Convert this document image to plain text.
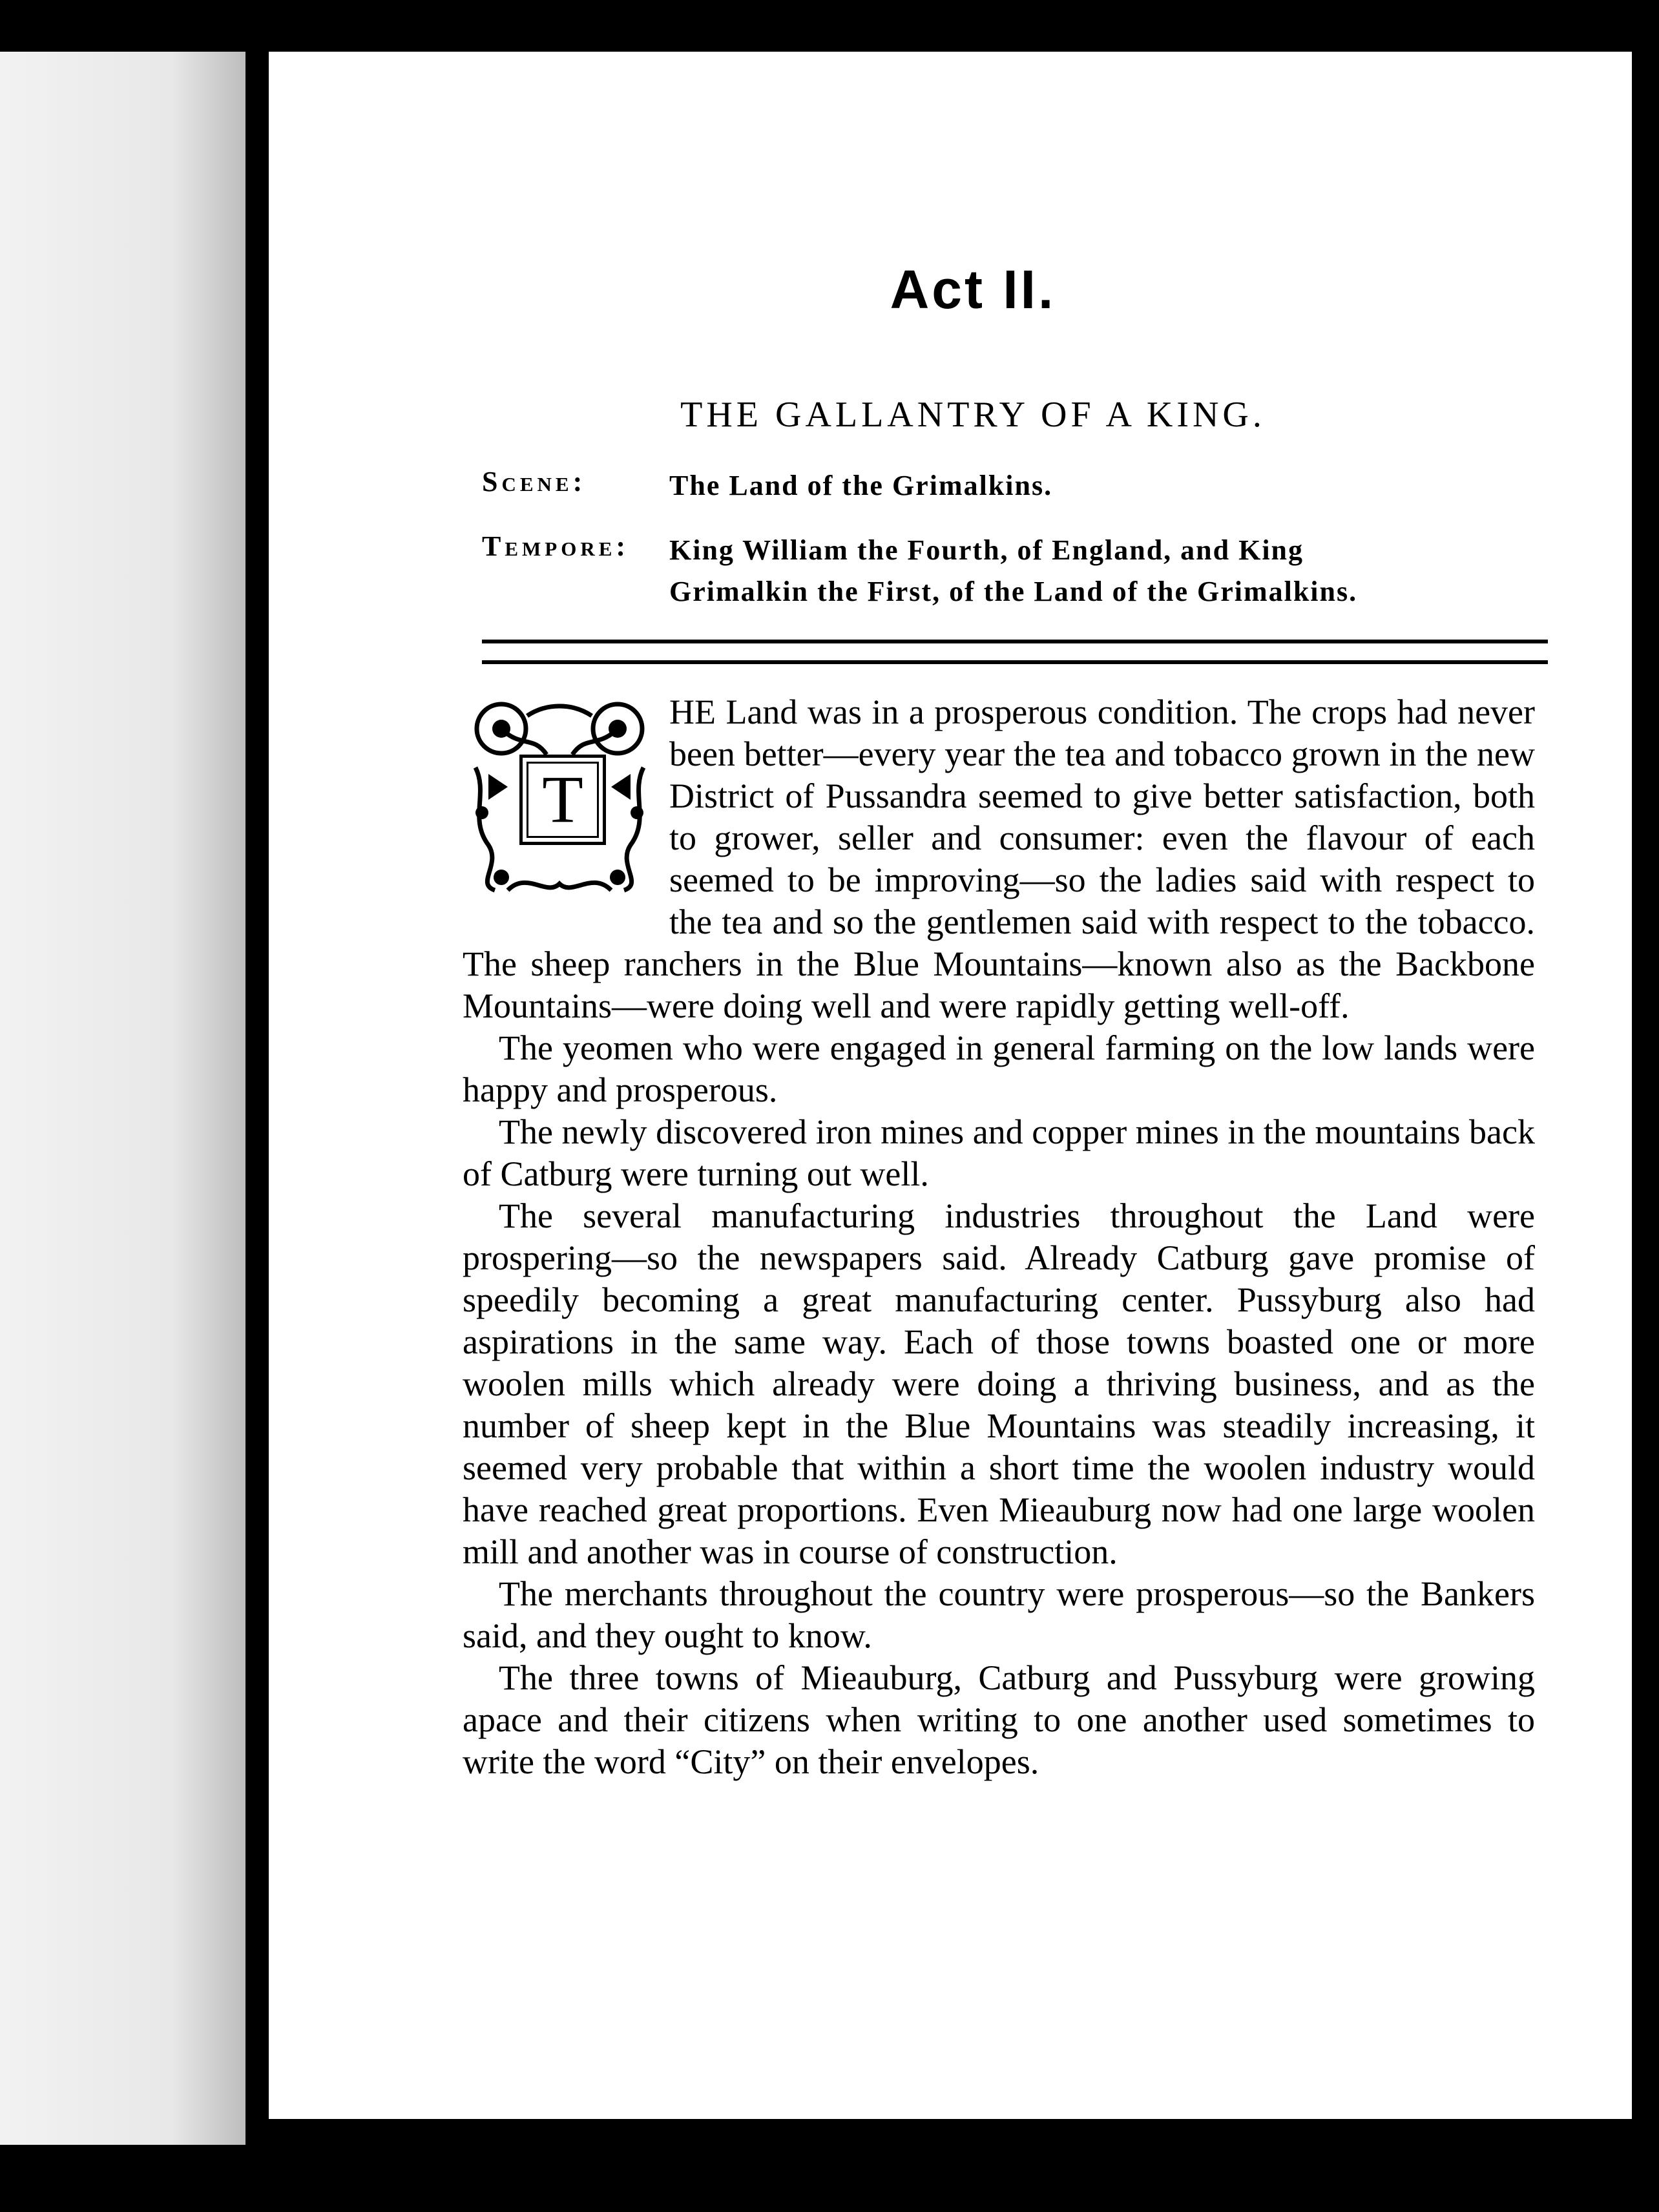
Act II.
THE GALLANTRY OF A KING.
Scene:	The Land of the Grimalkins.
Tempore:	King William the Fourth, of England, and King
Grimalkin the First, of the Land of the Grimalkins.
T

HE Land was in a prosperous condition. The crops had never been better—every year the tea and tobacco grown in the new District of Pussandra seemed to give better satisfaction, both to grower, seller and consumer: even the flavour of each seemed to be improving—so the ladies said with respect to the tea and so the gentlemen said with respect to the tobacco. The sheep ranchers in the Blue Mountains—known also as the Backbone Mountains—were doing well and were rapidly getting well-off.

The yeomen who were engaged in general farming on the low lands were happy and prosperous.

The newly discovered iron mines and copper mines in the mountains back of Catburg were turning out well.

The several manufacturing industries throughout the Land were prospering—so the newspapers said. Already Catburg gave promise of speedily becoming a great manufacturing center. Pussyburg also had aspirations in the same way. Each of those towns boasted one or more woolen mills which already were doing a thriving business, and as the number of sheep kept in the Blue Mountains was steadily increasing, it seemed very probable that within a short time the woolen industry would have reached great proportions. Even Mieauburg now had one large woolen mill and another was in course of construction.

The merchants throughout the country were prosperous—so the Bankers said, and they ought to know.

The three towns of Mieauburg, Catburg and Pussyburg were growing apace and their citizens when writing to one another used sometimes to write the word “City” on their envelopes.
